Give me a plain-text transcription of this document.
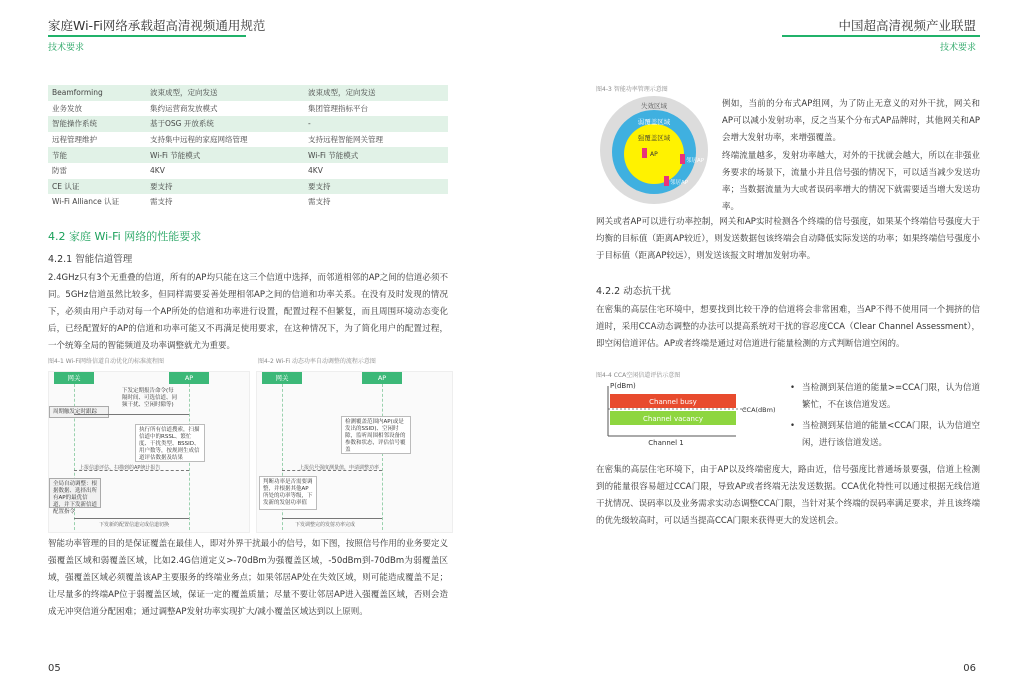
家庭Wi-Fi网络承载超高清视频通用规范
技术要求
Beamforming	波束成型，定向发送	波束成型，定向发送
业务发放	集约运营商发放模式	集团管理指标平台
智能操作系统	基于OSG 开放系统	-
远程管理维护	支持集中远程的家庭网络管理	支持远程智能网关管理
节能	Wi-Fi 节能模式	Wi-Fi 节能模式
防雷	4KV	4KV
CE 认证	要支持	要支持
Wi-Fi Alliance 认证	需支持	需支持
4.2 家庭 Wi-Fi 网络的性能要求
4.2.1 智能信道管理

2.4GHz只有3个无重叠的信道，所有的AP均只能在这三个信道中选择，而邻道相邻的AP之间的信道必须不同。5GHz信道虽然比较多，但同样需要妥善处理相邻AP之间的信道和功率关系。在没有及时发现的情况下，必须由用户手动对每一个AP所处的信道和功率进行设置，配置过程不但繁复，而且周围环境动态变化后，已经配置好的AP的信道和功率可能又不再满足使用要求，在这种情况下，为了简化用户的配置过程，一个统筹全局的智能频道及功率调整就尤为重要。

图4-1 Wi-Fi网络信道自动优化的标准流程图	图4-2 Wi-Fi 动态功率自动调整的流程示意图
网关	AP
下发定期报告命令(每隔时间、可选信道、同频干扰、空闲时隙等)
周期触发定时跟踪
执行所有信道搜索，扫描信道中的RSSL、繁忙度、干扰类型、BSSID、用户数等，按规则生成信道评估数据及结果
上报信道评估、扫描到的AP统计报告
全局自动调整：根据数据、选择出所有AP的最优信道，并下发新信道配置指令
下发新的配置信道完成信道切换
网关	AP
检测覆盖范围内AP(或是发出的SSID)、空闲时隙，监听周围相邻设备的参数和状态，评估信号覆盖
上报信号强度测量值，申请调整功率
判断功率是否需要调整，并根据其他AP所处的功率等级，下发新的发射功率值
下发调整完的发射功率完成

智能功率管理的目的是保证覆盖在最佳人，即对外界干扰最小的信号，如下图，按照信号作用的业务要定义强覆盖区域和弱覆盖区域，比如2.4G信道定义>-70dBm为强覆盖区域，-50dBm到-70dBm为弱覆盖区域，强覆盖区域必须覆盖该AP主要服务的终端业务点；如果邻居AP处在失效区域，则可能造成覆盖不足；让尽量多的终端AP位于弱覆盖区域，保证一定的覆盖质量；尽量不要让邻居AP进入强覆盖区域，否则会造成无冲突信道分配困难；通过调整AP发射功率实现扩大/减小覆盖区域达到以上原则。

05
中国超高清视频产业联盟
技术要求
图4-3 智能功率管理示意图
失效区域
弱覆盖区域
强覆盖区域
AP
邻居AP
邻居AP

例如，当前的分布式AP组网，为了防止无意义的对外干扰，网关和AP可以减小发射功率，反之当某个分布式AP品牌时，其他网关和AP会增大发射功率，来增强覆盖。

终端流量越多，发射功率越大，对外的干扰就会越大，所以在非强业务要求的场景下，流量小并且信号强的情况下，可以适当减少发送功率；当数据流量为大或者误码率增大的情况下就需要适当增大发送功率。

网关或者AP可以进行功率控制，网关和AP实时检测各个终端的信号强度，如果某个终端信号强度大于均衡的目标值（距离AP较近），则发送数据包该终端会自动降低实际发送的功率；如果终端信号强度小于目标值（距离AP较远），则发送该报文时增加发射功率。

4.2.2 动态抗干扰

在密集的高层住宅环境中，想要找到比较干净的信道将会非常困难，当AP不得不使用同一个拥挤的信道时，采用CCA动态调整的办法可以提高系统对干扰的容忍度CCA（Clear Channel Assessment），即空闲信道评估。AP或者终端是通过对信道进行能量检测的方式判断信道空闲的。

图4-4 CCA空闲信道评估示意图
P(dBm)
Channel busy
CCA(dBm)
Channel vacancy
Channel 1
• 当检测到某信道的能量>=CCA门限，认为信道繁忙，不在该信道发送。
• 当检测到某信道的能量<CCA门限，认为信道空闲，进行该信道发送。

在密集的高层住宅环境下，由于AP以及终端密度大，路由近，信号强度比普通场景要强，信道上检测到的能量很容易超过CCA门限，导致AP或者终端无法发送数据。CCA优化特性可以通过根据无线信道干扰情况、误码率以及业务需求实动态调整CCA门限，当针对某个终端的误码率满足要求，并且该终端的优先级较高时，可以适当提高CCA门限来获得更大的发送机会。

06
